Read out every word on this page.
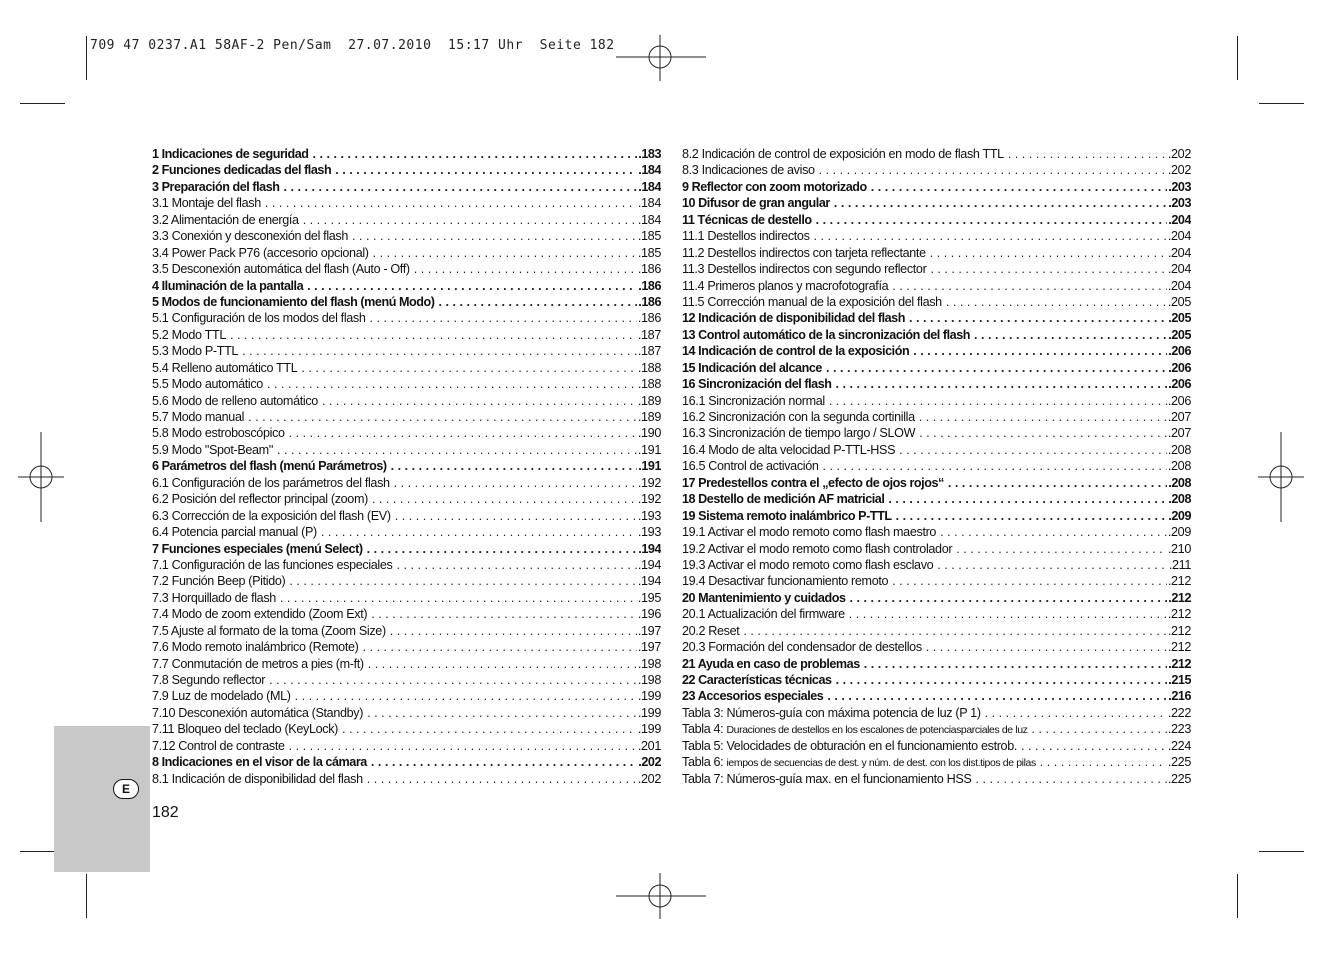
709 47 0237.A1 58AF-2 Pen/Sam  27.07.2010  15:17 Uhr  Seite 182
E
182
1 Indicaciones de seguridad . . .	.183
2 Funciones dedicadas del flash . . .	.184
3 Preparación del flash . . .	.184
3.1 Montaje del flash . . .	.184
3.2 Alimentación de energía . . .	.184
3.3 Conexión y desconexión del flash . . .	.185
3.4 Power Pack P76 (accesorio opcional) . . .	.185
3.5 Desconexión automática del flash (Auto - Off) . . .	.186
4 Iluminación de la pantalla . . .	.186
5 Modos de funcionamiento del flash (menú Modo) . . .	.186
5.1 Configuración de los modos del flash . . .	.186
5.2 Modo TTL . . .	.187
5.3 Modo P-TTL . . .	.187
5.4 Relleno automático TTL . . .	.188
5.5 Modo automático . . .	.188
5.6 Modo de relleno automático . . .	.189
5.7 Modo manual . . .	.189
5.8 Modo estroboscópico . . .	.190
5.9 Modo "Spot-Beam" . . .	.191
6 Parámetros del flash (menú Parámetros) . . .	.191
6.1 Configuración de los parámetros del flash . . .	.192
6.2 Posición del reflector principal (zoom) . . .	.192
6.3 Corrección de la exposición del flash (EV) . . .	.193
6.4 Potencia parcial manual (P) . . .	.193
7 Funciones especiales (menú Select) . . .	.194
7.1 Configuración de las funciones especiales . . .	.194
7.2 Función Beep (Pitido) . . .	.194
7.3 Horquillado de flash . . .	.195
7.4 Modo de zoom extendido (Zoom Ext) . . .	.196
7.5 Ajuste al formato de la toma (Zoom Size) . . .	.197
7.6 Modo remoto inalámbrico (Remote) . . .	.197
7.7 Conmutación de metros a pies (m-ft) . . .	.198
7.8 Segundo reflector . . .	.198
7.9 Luz de modelado (ML) . . .	.199
7.10 Desconexión automática (Standby) . . .	.199
7.11 Bloqueo del teclado (KeyLock) . . .	.199
7.12 Control de contraste . . .	.201
8 Indicaciones en el visor de la cámara . . .	.202
8.1 Indicación de disponibilidad del flash . . .	.202
8.2 Indicación de control de exposición en modo de flash TTL . . .	.202
8.3 Indicaciones de aviso . . .	.202
9 Reflector con zoom motorizado . . .	.203
10 Difusor de gran angular . . .	.203
11 Técnicas de destello . . .	.204
11.1 Destellos indirectos . . .	.204
11.2 Destellos indirectos con tarjeta reflectante . . .	.204
11.3 Destellos indirectos con segundo reflector . . .	.204
11.4 Primeros planos y macrofotografía . . .	.204
11.5 Corrección manual de la exposición del flash . . .	.205
12 Indicación de disponibilidad del flash . . .	.205
13 Control automático de la sincronización del flash . . .	.205
14 Indicación de control de la exposición . . .	.206
15 Indicación del alcance . . .	.206
16 Sincronización del flash . . .	.206
16.1 Sincronización normal . . .	.206
16.2 Sincronización con la segunda cortinilla . . .	.207
16.3 Sincronización de tiempo largo / SLOW . . .	.207
16.4 Modo de alta velocidad P-TTL-HSS . . .	.208
16.5 Control de activación . . .	.208
17 Predestellos contra el „efecto de ojos rojos“ . . .	.208
18 Destello de medición AF matricial . . .	.208
19 Sistema remoto inalámbrico P-TTL . . .	.209
19.1 Activar el modo remoto como flash maestro . . .	.209
19.2 Activar el modo remoto como flash controlador . . .	.210
19.3 Activar el modo remoto como flash esclavo . . .	.211
19.4 Desactivar funcionamiento remoto . . .	.212
20 Mantenimiento y cuidados . . .	.212
20.1 Actualización del firmware . . .	.212
20.2 Reset . . .	.212
20.3 Formación del condensador de destellos . . .	.212
21 Ayuda en caso de problemas . . .	.212
22 Características técnicas . . .	.215
23 Accesorios especiales . . .	.216
Tabla 3: Números-guía con máxima potencia de luz (P 1) . . .	.222
Tabla 4: Duraciones de destellos en los escalones de potenciasparciales de luz . . .	.223
Tabla 5: Velocidades de obturación en el funcionamiento estrob. . . .	.224
Tabla 6: iempos de secuencias de dest. y núm. de dest. con los dist.tipos de pilas . . .	.225
Tabla 7: Números-guía max. en el funcionamiento HSS . . .	.225
